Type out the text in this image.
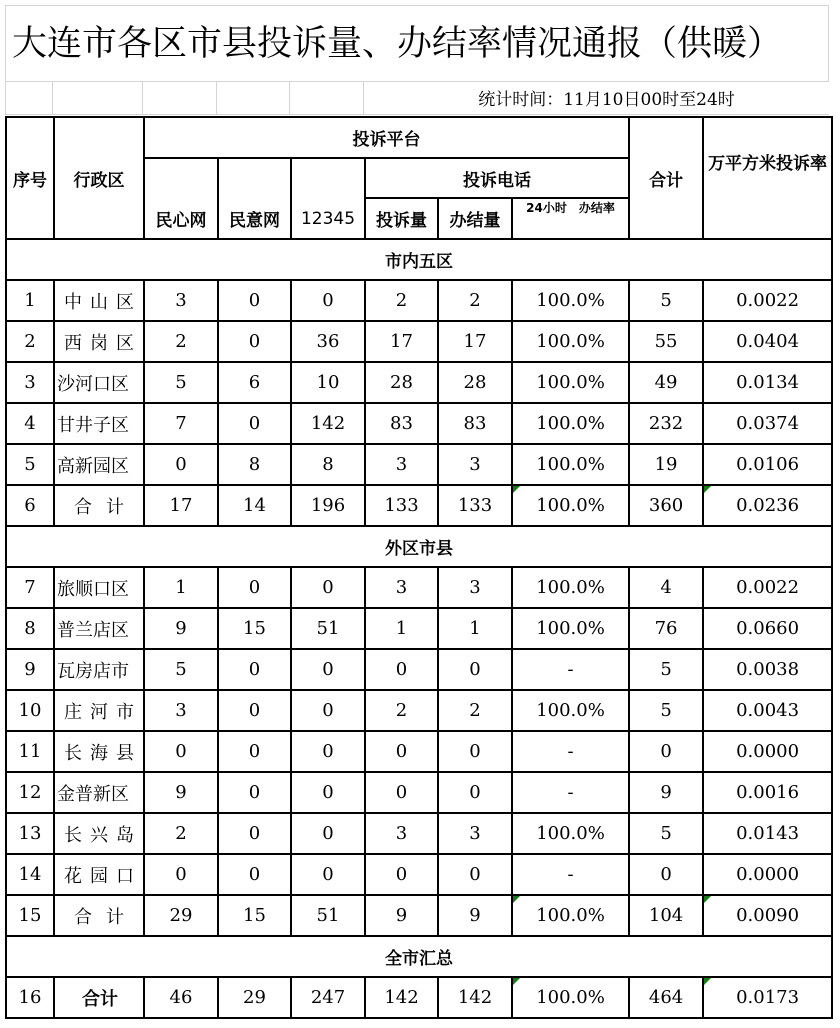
大连市各区市县投诉量、办结率情况通报（供暖）
统计时间：11月10日00时至24时
序号	行政区	投诉平台						合计	万平方米投诉率
		民心网	民意网	12345	投诉电话				
					投诉量	办结量	24小时　办结率		
市内五区									
1	中山区	3	0	0	2	2	100.0%	5	0.0022
2	西岗区	2	0	36	17	17	100.0%	55	0.0404
3	沙河口区	5	6	10	28	28	100.0%	49	0.0134
4	甘井子区	7	0	142	83	83	100.0%	232	0.0374
5	高新园区	0	8	8	3	3	100.0%	19	0.0106
6	合计	17	14	196	133	133	100.0%	360	0.0236
外区市县									
7	旅顺口区	1	0	0	3	3	100.0%	4	0.0022
8	普兰店区	9	15	51	1	1	100.0%	76	0.0660
9	瓦房店市	5	0	0	0	0	-	5	0.0038
10	庄河市	3	0	0	2	2	100.0%	5	0.0043
11	长海县	0	0	0	0	0	-	0	0.0000
12	金普新区	9	0	0	0	0	-	9	0.0016
13	长兴岛	2	0	0	3	3	100.0%	5	0.0143
14	花园口	0	0	0	0	0	-	0	0.0000
15	合计	29	15	51	9	9	100.0%	104	0.0090
全市汇总									
16	合计	46	29	247	142	142	100.0%	464	0.0173
